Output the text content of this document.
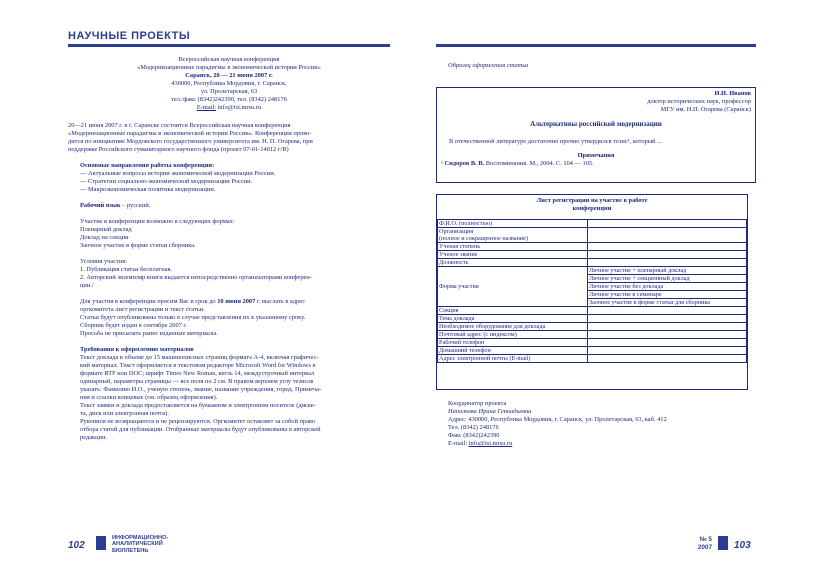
НАУЧНЫЕ ПРОЕКТЫ
Всероссийская научная конференция
«Модернизационные парадигмы в экономической истории России»
Саранск, 20 — 21 июня 2007 г.
430000, Республика Мордовия, г. Саранск,
ул. Пролетарская, 63
тел./факс (8342)242390, тел. (8342) 248176
E-mail: info@isi.mrsu.ru
20—21 июня 2007 г. в г. Саранске состоится Всероссийская научная конференция
«Модернизационные парадигмы в экономической истории России». Конференция прово-
дится по инициативе Мордовского государственного университета им. Н. П. Огарева, при
поддержке Российского гуманитарного научного фонда (проект 07-01-14012 г/В)
Основные направления работы конференции:
— Актуальные вопросы истории экономической модернизации России.
— Стратегии социально-экономической модернизации России.
— Макроэкономическая политика модернизации.
Рабочий язык – русский.
Участие в конференции возможно в следующих формах:
Пленарный доклад
Доклад на секции
Заочное участие в форме статьи сборника.
Условия участия:
1. Публикация статьи бесплатная.
2. Авторский экземпляр книги выдается непосредственно организаторами конферен-
ции./
Для участия в конференции просим Вас в срок до 10 июня 2007 г. выслать в адрес
оргкомитета лист регистрации и текст статьи.
Статьи будут опубликованы только в случае представления их к указанному сроку.
Сборник будет издан в сентябре 2007 г.
Просьба не присылать ранее изданные материалы.
Требования к оформлению материалов
Текст доклада в объеме до 15 машинописных страниц формата А-4, включая графичес-
кий материал. Текст оформляется в текстовом редакторе Microsoft Word for Windows в
формате RTF или DOC; шрифт Times New Roman, кегль 14, междустрочный интервал
одинарный, параметры страницы — все поля по 2 см. В правом верхнем углу тезисов
указать: Фамилию И.О., ученую степень, звание, название учреждения, город. Примеча-
ния и ссылки концевые (см. образец оформления).
Текст заявки и доклада предоставляется на бумажном и электронном носителе (диске-
та, диск или электронная почта).
Рукописи не возвращаются и не рецензируются. Оргкомитет оставляет за собой право
отбора статей для публикации. Отобранные материалы будут опубликованы в авторской
редакции.
Образец оформления статьи
И.И. Иванов
доктор исторических наук, профессор
МГУ им. Н.П. Огарева (Саранск)
Альтернативы российской модернизации
В отечественной литературе достаточно прочно утвердился тезис¹, который ...
Примечания
¹ Сидоров В. В. Воспоминания. М., 2004. С. 104 — 105.
Лист регистрации на участие в работе
конференции
Ф.И.О. (полностью)	
Организация	
(полное и сокращенное название)	
Ученая степень	
Ученое звание	
Должность	
Форма участия	Личное участие + пленарный доклад
	Личное участие + секционный доклад
	Личное участие без доклада
	Личное участие в семинаре
	Заочное участие в форме статьи для сборника
Секция	
Тема доклада	
Необходимое оборудование для доклада	
Почтовый адрес (с индексом)	
Рабочий телефон	
Домашний телефон	
Адрес электронной почты (E-mail)	
Координатор проекта
Напалкова Ирина Геннадьевна
Адрес: 430000, Республика Мордовия, г. Саранск, ул. Пролетарская, 63, каб. 412
Тел. (8342) 248176
Факс (8342)242390
E-mail: info@isi.mrsu.ru
102
ИНФОРМАЦИОННО-
АНАЛИТИЧЕСКИЙ
БЮЛЛЕТЕНЬ
№ 5
2007 103
